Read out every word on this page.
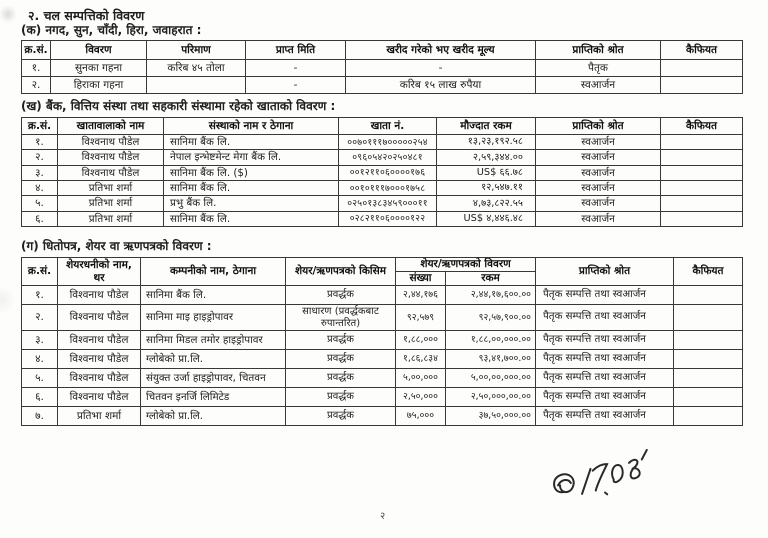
२. चल सम्पत्तिको विवरण
(क) नगद, सुन, चाँदी, हिरा, जवाहरात :
क्र.सं.	विवरण	परिमाण	प्राप्त मिति	खरीद गरेको भए खरीद मूल्य	प्राप्तिको श्रोत	कैफियत
१.	सुनका गहना	करिब ४५ तोला	-	-	पैतृक	
२.	हिराका गहना		-	करिब १५ लाख रुपैया	स्वआर्जन	
(ख) बैंक, वित्तिय संस्था तथा सहकारी संस्थामा रहेको खाताको विवरण :
क्र.सं.	खातावालाको नाम	संस्थाको नाम र ठेगाना	खाता नं.	मौज्दात रकम	प्राप्तिको श्रोत	कैफियत
१.	विश्वनाथ पौडेल	सानिमा बैंक लि.	००७०१११७०००००२५४	१३,२३,१९२.५८	स्वआर्जन	
२.	विश्वनाथ पौडेल	नेपाल इन्भेष्टमेन्ट मेगा बैंक लि.	०९६०५४२०२५०४८१	२,५९,३४४.००	स्वआर्जन	
३.	विश्वनाथ पौडेल	सानिमा बैंक लि. ($)	००१२११०६००००१७६	US$ ६६.७८	स्वआर्जन	
४.	प्रतिभा शर्मा	सानिमा बैंक लि.	००१०१११७०००१७५८	१२,५४७.११	स्वआर्जन	
५.	प्रतिभा शर्मा	प्रभु बैंक लि.	०२५०१३८३४५९०००११	४,७३,८२२.५५	स्वआर्जन	
६.	प्रतिभा शर्मा	सानिमा बैंक लि.	०२८२११०६००००१२२	US$ ४,४४६.४८	स्वआर्जन	
(ग) धितोपत्र, शेयर वा ऋणपत्रको विवरण :
क्र.सं.	शेयरधनीको नाम, थर	कम्पनीको नाम, ठेगाना	शेयर/ऋणपत्रको किसिम	शेयर/ऋणपत्रको विवरण		प्राप्तिको श्रोत	कैफियत
				संख्या	रकम		
१.	विश्वनाथ पौडेल	सानिमा बैंक लि.	प्रवर्द्धक	२,४४,१७६	२,४४,१७,६००.००	पैतृक सम्पत्ति तथा स्वआर्जन	
२.	विश्वनाथ पौडेल	सानिमा माइ हाइड्रोपावर	साधारण (प्रवर्द्धकबाट रुपान्तरित)	९२,५७९	९२,५७,९००.००	पैतृक सम्पत्ति तथा स्वआर्जन	
३.	विश्वनाथ पौडेल	सानिमा मिडल तमोर हाइड्रोपावर	प्रवर्द्धक	१,८८,०००	१,८८,००,०००.००	पैतृक सम्पत्ति तथा स्वआर्जन	
४.	विश्वनाथ पौडेल	ग्लोबेको प्रा.लि.	प्रवर्द्धक	१,८६,८३४	९३,४१,७००.००	पैतृक सम्पत्ति तथा स्वआर्जन	
५.	विश्वनाथ पौडेल	संयुक्त उर्जा हाइड्रोपावर, चितवन	प्रवर्द्धक	५,००,०००	५,००,००,०००.००	पैतृक सम्पत्ति तथा स्वआर्जन	
६.	विश्वनाथ पौडेल	चितवन इनर्जि लिमिटेड	प्रवर्द्धक	२,५०,०००	२,५०,०००,००.००	पैतृक सम्पत्ति तथा स्वआर्जन	
७.	प्रतिभा शर्मा	ग्लोबेको प्रा.लि.	प्रवर्द्धक	७५,०००	३७,५०,०००.००	पैतृक सम्पत्ति तथा स्वआर्जन	
२
